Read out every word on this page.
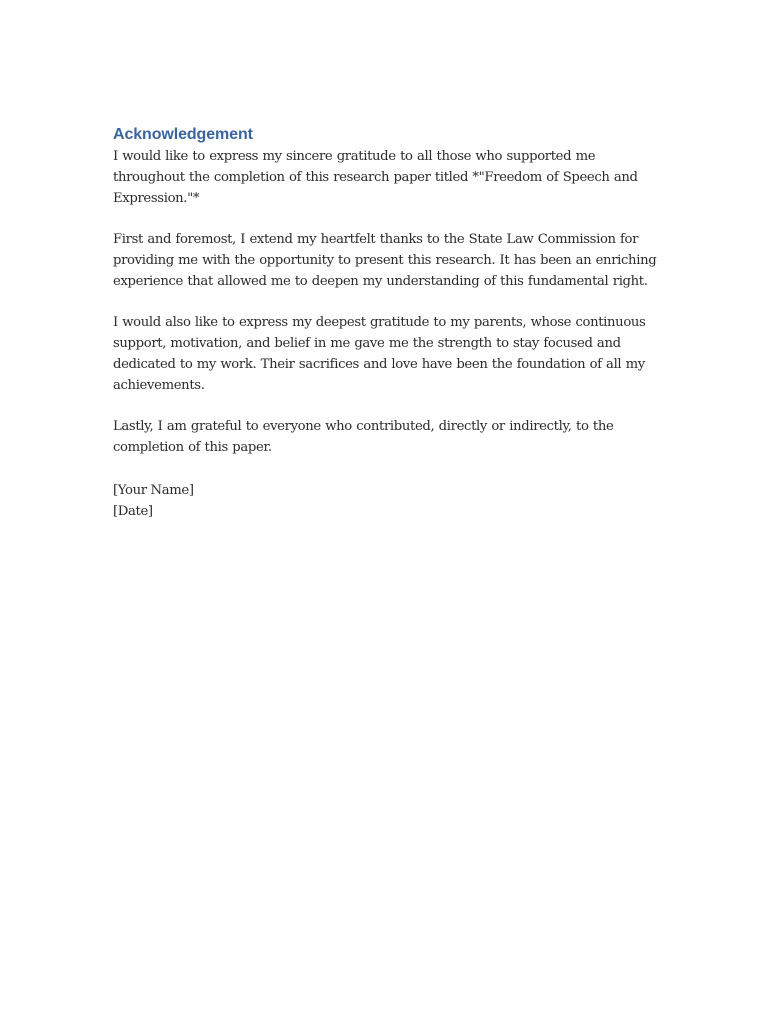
Acknowledgement

I would like to express my sincere gratitude to all those who supported me throughout the completion of this research paper titled *"Freedom of Speech and Expression."*

First and foremost, I extend my heartfelt thanks to the State Law Commission for providing me with the opportunity to present this research. It has been an enriching experience that allowed me to deepen my understanding of this fundamental right.

I would also like to express my deepest gratitude to my parents, whose continuous support, motivation, and belief in me gave me the strength to stay focused and dedicated to my work. Their sacrifices and love have been the foundation of all my achievements.

Lastly, I am grateful to everyone who contributed, directly or indirectly, to the completion of this paper.

[Your Name]

[Date]
